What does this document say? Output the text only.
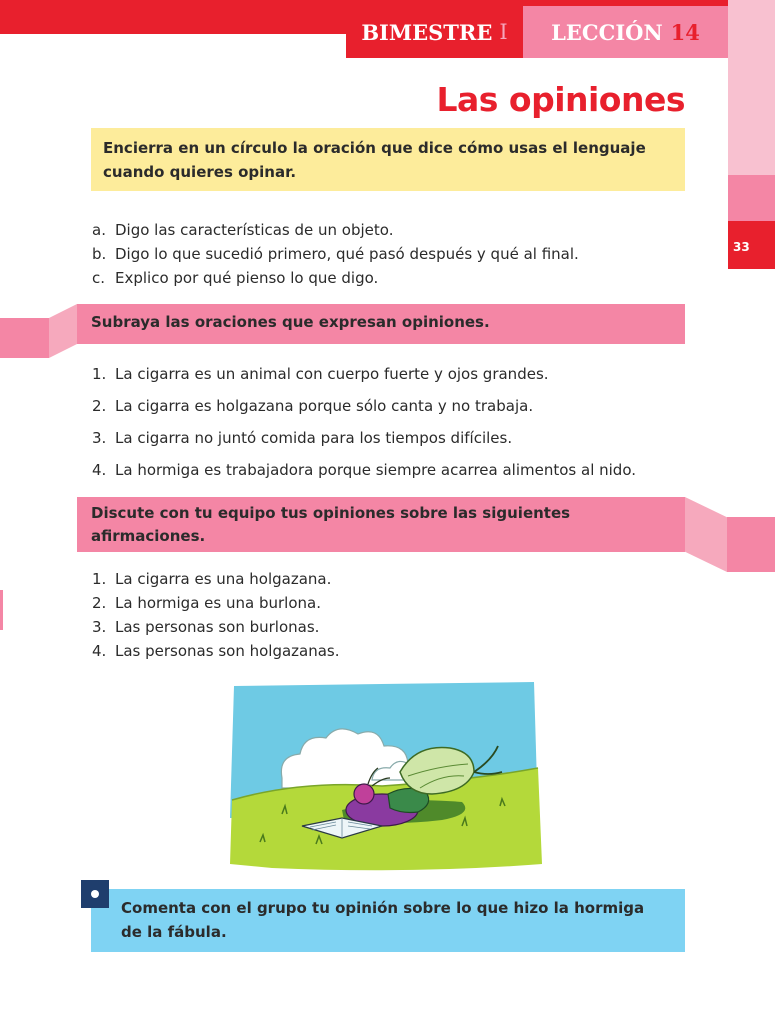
BIMESTRE I LECCIÓN 14
33
Las opiniones
Encierra en un círculo la oración que dice cómo usas el lenguaje cuando quieres opinar.
a. Digo las características de un objeto.
b. Digo lo que sucedió primero, qué pasó después y qué al final.
c. Explico por qué pienso lo que digo.
Subraya las oraciones que expresan opiniones.
1. La cigarra es un animal con cuerpo fuerte y ojos grandes.
2. La cigarra es holgazana porque sólo canta y no trabaja.
3. La cigarra no juntó comida para los tiempos difíciles.
4. La hormiga es trabajadora porque siempre acarrea alimentos al nido.
Discute con tu equipo tus opiniones sobre las siguientes
afirmaciones.
1. La cigarra es una holgazana.
2. La hormiga es una burlona.
3. Las personas son burlonas.
4. Las personas son holgazanas.
Comenta con el grupo tu opinión sobre lo que hizo la hormiga
de la fábula.
